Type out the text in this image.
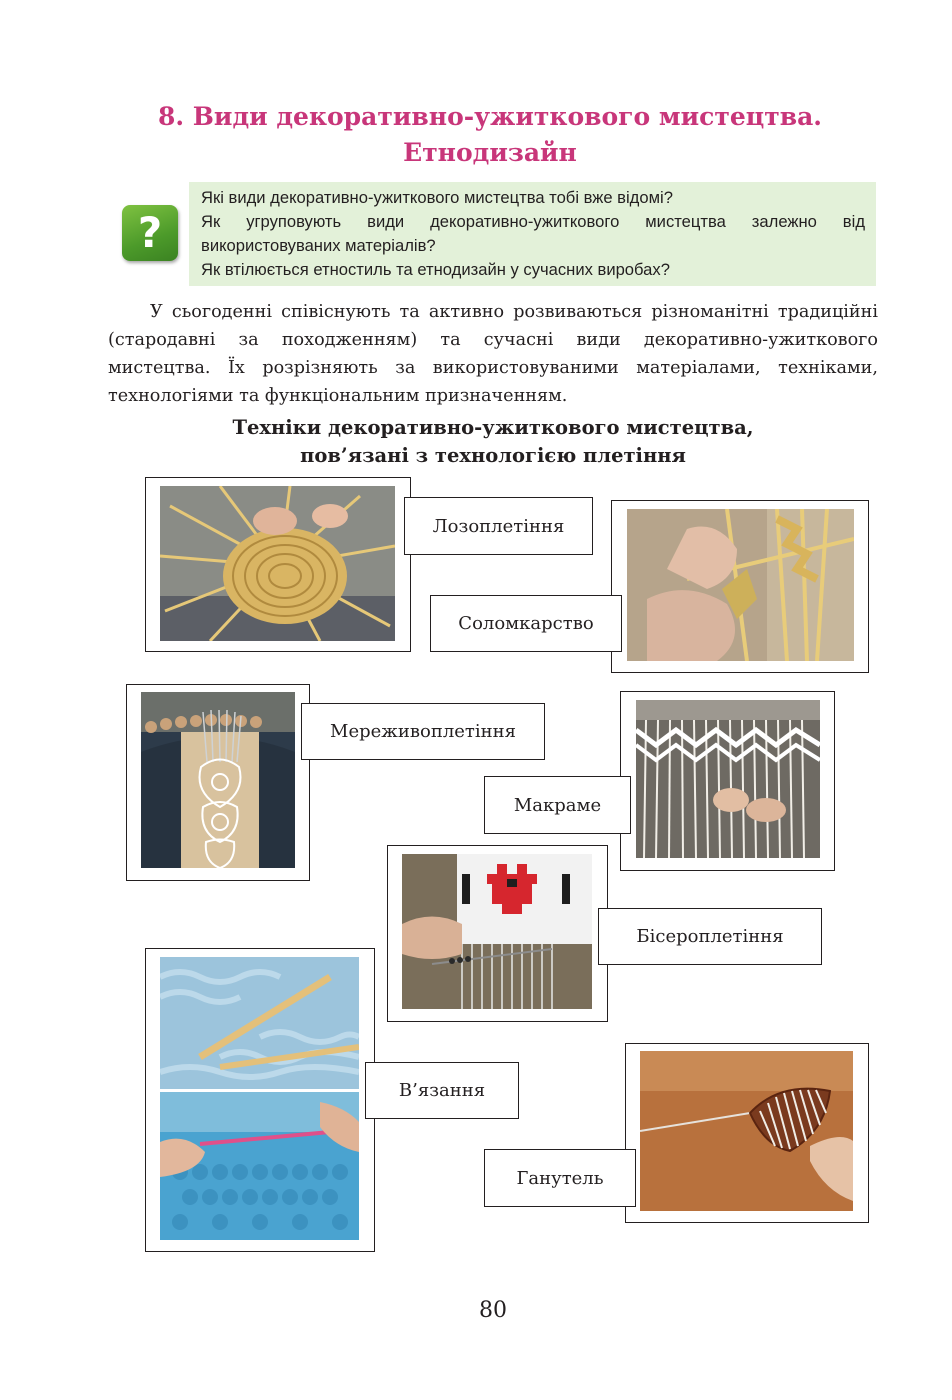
8. Види декоративно-ужиткового мистецтва.
Етнодизайн
?
Які види декоративно-ужиткового мистецтва тобі вже відомі?
Як угруповують види декоративно-ужиткового мистецтва залежно від використовуваних матеріалів?
Як втілюється етностиль та етнодизайн у сучасних виробах?
У сьогоденні співіснують та активно розвиваються різноманітні традиційні (стародавні за походженням) та сучасні види декоративно-ужиткового мистецтва. Їх розрізняють за використовуваними матеріалами, техніками, технологіями та функціональним призначенням.
Техніки декоративно-ужиткового мистецтва,
пов’язані з технологією плетіння
Лозоплетіння
Соломкарство
Мереживоплетіння
Макраме
Бісероплетіння
В’язання
Ганутель
80
